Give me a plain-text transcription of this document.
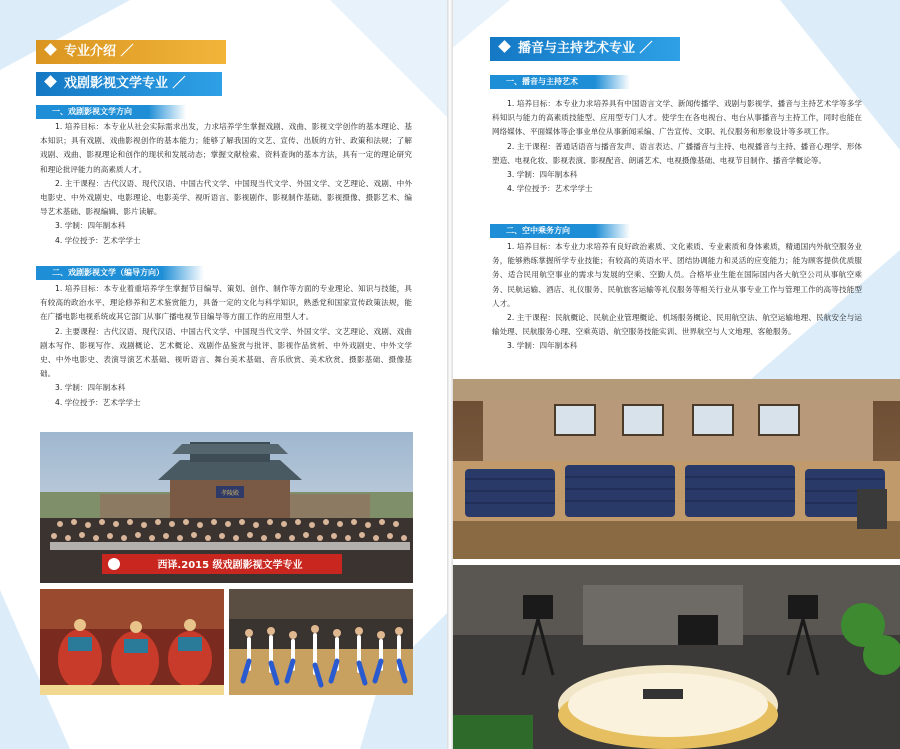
专业介绍 ／
戏剧影视文学专业 ／
一、戏剧影视文学方向

1. 培养目标：本专业从社会实际需求出发，力求培养学生掌握戏剧、戏曲、影视文学创作的基本理论、基本知识；具有戏剧、戏曲影视创作的基本能力；能够了解我国的文艺、宣传、出版的方针、政策和法规；了解戏剧、戏曲、影视理论和创作的现状和发展动态；掌握文献检索、资料查询的基本方法，具有一定的理论研究和理论批评能力的高素质人才。

2. 主干课程：古代汉语、现代汉语、中国古代文学、中国现当代文学、外国文学、文艺理论、戏剧、中外电影史、中外戏剧史、电影理论、电影美学、视听语言、影视剧作、影视制作基础、影视摄像、摄影艺术、编导艺术基础、影视编辑、影片读解。

3. 学制：四年制本科

4. 学位授予：艺术学学士

二、戏剧影视文学（编导方向）

1. 培养目标：本专业着重培养学生掌握节目编导、策划、创作、制作等方面的专业理论、知识与技能，具有较高的政治水平、理论修养和艺术鉴赏能力，具备一定的文化与科学知识，熟悉党和国家宣传政策法规，能在广播电影电视系统或其它部门从事广播电视节目编导等方面工作的应用型人才。

2. 主要课程：古代汉语、现代汉语、中国古代文学、中国现当代文学、外国文学、文艺理论、戏剧、戏曲剧本写作、影视写作、戏剧概论、艺术概论、戏剧作品鉴赏与批评、影视作品赏析、中外戏剧史、中外文学史、中外电影史、表演导演艺术基础、视听语言、舞台美术基础、音乐欣赏、美术欣赏、摄影基础、摄像基础。

3. 学制：四年制本科

4. 学位授予：艺术学学士

孝陵殿
西译.2015 级戏剧影视文学专业
播音与主持艺术专业 ／
一、播音与主持艺术

1. 培养目标：本专业力求培养具有中国语言文学、新闻传播学、戏剧与影视学、播音与主持艺术学等多学科知识与能力的高素质技能型、应用型专门人才。使学生在各电视台、电台从事播音与主持工作，同时也能在网络媒体、平面媒体等企事业单位从事新闻采编、广告宣传、文职、礼仪服务和形象设计等多项工作。

2. 主干课程：普通话语音与播音发声、语言表达、广播播音与主持、电视播音与主持、播音心理学、形体塑造、电视化妆、影视表演、影视配音、朗诵艺术、电视摄像基础、电视节目制作、播音学概论等。

3. 学制：四年制本科

4. 学位授予：艺术学学士

二、空中乘务方向

1. 培养目标：本专业力求培养有良好政治素质、文化素质、专业素质和身体素质，精通国内外航空服务业务，能够熟练掌握所学专业技能；有较高的英语水平、团结协调能力和灵活的应变能力；能为顾客提供优质服务、适合民用航空事业的需求与发展的空乘、空勤人员。合格毕业生能在国际国内各大航空公司从事航空乘务、民航运输、酒店、礼仪服务、民航旅客运输等礼仪服务等相关行业从事专业工作与管理工作的高等技能型人才。

2. 主干课程：民航概论、民航企业管理概论、机场服务概论、民用航空法、航空运输地理、民航安全与运输处理、民航服务心理、空乘英语、航空服务技能实训、世界航空与人文地理、客舱服务。

3. 学制：四年制本科
